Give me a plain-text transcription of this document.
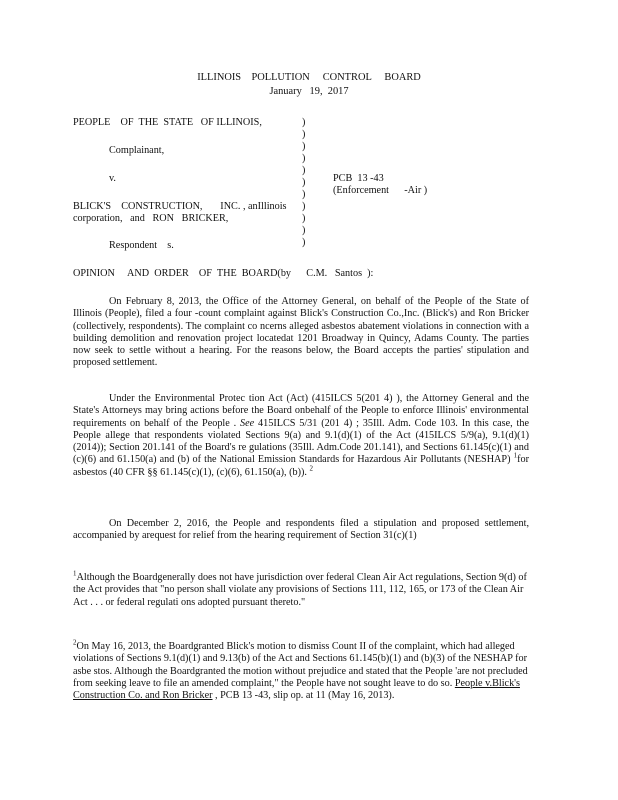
ILLINOIS    POLLUTION     CONTROL     BOARD
January   19,  2017
PEOPLE    OF  THE  STATE   OF ILLINOIS,
Complainant,
v.
BLICK'S    CONSTRUCTION,       INC. , anIllinois
corporation,   and   RON   BRICKER,
Respondent    s.
PCB  13 -43
(Enforcement      -Air )
)
)
)
)
)
)
)
)
)
)
)
OPINION     AND  ORDER    OF  THE  BOARD(by      C.M.   Santos  ):
On February 8, 2013, the Office of the Attorney General, on behalf of the People of the State of Illinois (People), filed a four -count complaint against Blick's Construction Co.,Inc. (Blick's) and Ron Bricker (collectively, respondents). The complaint co ncerns alleged asbestos abatement violations in connection with a building demolition and renovation project locatedat 1201 Broadway in Quincy, Adams County. The parties now seek to settle without a hearing. For the reasons below, the Board accepts the parties' stipulation and proposed settlement.
Under the Environmental Protec tion Act (Act) (415ILCS 5(201 4) ), the Attorney General and the State's Attorneys may bring actions before the Board onbehalf of the People to enforce Illinois' environmental requirements on behalf of the People . See 415ILCS 5/31 (201 4) ; 35Ill. Adm. Code 103. In this case, the People allege that respondents violated Sections 9(a) and 9.1(d)(1) of the Act (415ILCS 5/9(a), 9.1(d)(1) (2014)); Section 201.141 of the Board's re gulations (35Ill. Adm.Code 201.141), and Sections 61.145(c)(1) and (c)(6) and 61.150(a) and (b) of the National Emission Standards for Hazardous Air Pollutants (NESHAP) $^1$for asbestos (40 CFR §§ 61.145(c)(1), (c)(6), 61.150(a), (b)). $^2$
On December 2, 2016, the People and respondents filed a stipulation and proposed settlement, accompanied by arequest for relief from the hearing requirement of Section 31(c)(1)
$^1$Although the Boardgenerally does not have jurisdiction over federal Clean Air Act regulations, Section 9(d) of the Act provides that "no person shall violate any provisions of Sections 111, 112, 165, or 173 of the Clean Air Act . . . or federal regulati ons adopted pursuant thereto."
$^2$On May 16, 2013, the Boardgranted Blick's motion to dismiss Count II of the complaint, which had alleged violations of Sections 9.1(d)(1) and 9.13(b) of the Act and Sections 61.145(b)(1) and (b)(3) of the NESHAP for asbe stos. Although the Boardgranted the motion without prejudice and stated that the People 'are not precluded from seeking leave to file an amended complaint," the People have not sought leave to do so. People v.Blick's Construction Co. and Ron Bricker , PCB 13 -43, slip op. at 11 (May 16, 2013).
